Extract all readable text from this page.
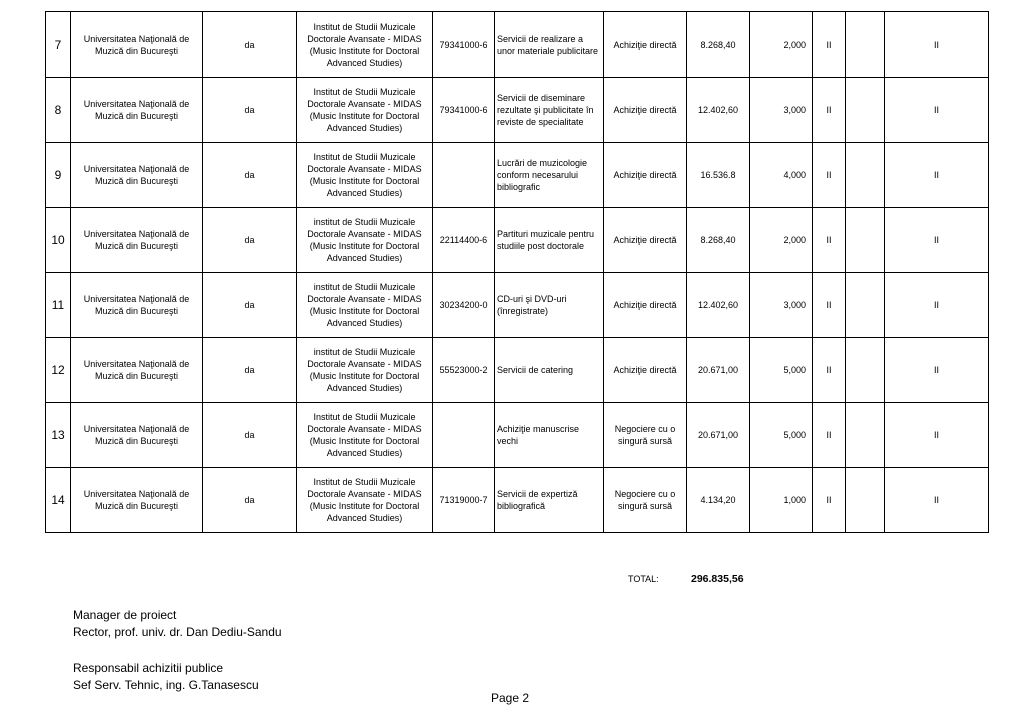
7	Universitatea Naţională de Muzică din Bucureşti	da	Institut de Studii Muzicale Doctorale Avansate - MIDAS (Music Institute for Doctoral Advanced Studies)	79341000-6	Servicii de realizare a unor materiale publicitare	Achiziţie directă	8.268,40	2,000	II		II
8	Universitatea Naţională de Muzică din Bucureşti	da	Institut de Studii Muzicale Doctorale Avansate - MIDAS (Music Institute for Doctoral Advanced Studies)	79341000-6	Servicii de diseminare rezultate şi publicitate în reviste de specialitate	Achiziţie directă	12.402,60	3,000	II		II
9	Universitatea Naţională de Muzică din Bucureşti	da	Institut de Studii Muzicale Doctorale Avansate - MIDAS (Music Institute for Doctoral Advanced Studies)		Lucrări de muzicologie conform necesarului bibliografic	Achiziţie directă	16.536.8	4,000	II		II
10	Universitatea Naţională de Muzică din Bucureşti	da	institut de Studii Muzicale Doctorale Avansate - MIDAS (Music Institute for Doctoral Advanced Studies)	22114400-6	Partituri muzicale pentru studiile post doctorale	Achiziţie directă	8.268,40	2,000	II		II
11	Universitatea Naţională de Muzică din Bucureşti	da	institut de Studii Muzicale Doctorale Avansate - MIDAS (Music Institute for Doctoral Advanced Studies)	30234200-0	CD-uri şi DVD-uri (înregistrate)	Achiziţie directă	12.402,60	3,000	II		II
12	Universitatea Naţională de Muzică din Bucureşti	da	institut de Studii Muzicale Doctorale Avansate - MIDAS (Music Institute for Doctoral Advanced Studies)	55523000-2	Servicii de catering	Achiziţie directă	20.671,00	5,000	II		II
13	Universitatea Naţională de Muzică din Bucureşti	da	Institut de Studii Muzicale Doctorale Avansate - MIDAS (Music Institute for Doctoral Advanced Studies)		Achiziţie manuscrise vechi	Negociere cu o singură sursă	20.671,00	5,000	II		II
14	Universitatea Naţională de Muzică din Bucureşti	da	Institut de Studii Muzicale Doctorale Avansate - MIDAS (Music Institute for Doctoral Advanced Studies)	71319000-7	Servicii de expertiză bibliografică	Negociere cu o singură sursă	4.134,20	1,000	II		II
TOTAL:	296.835,56
Manager de proiect
Rector, prof. univ. dr. Dan Dediu-Sandu
Responsabil achizitii publice
Sef Serv. Tehnic, ing. G.Tanasescu
Page 2
